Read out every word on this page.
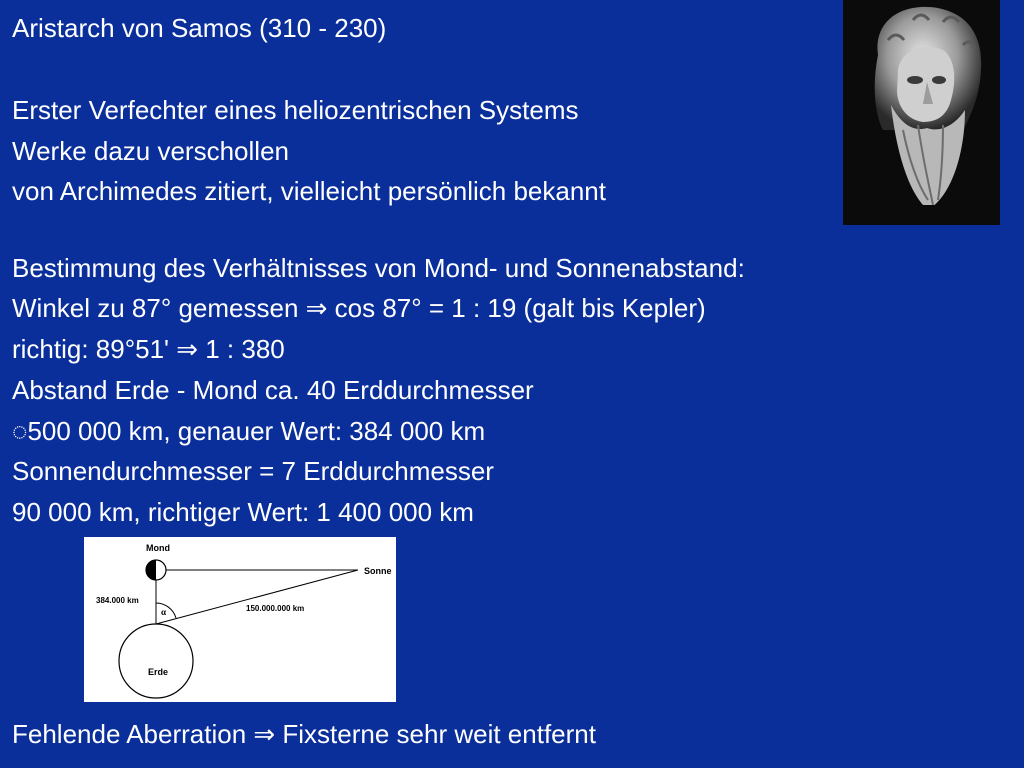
Aristarch von Samos (310 - 230)
Erster Verfechter eines heliozentrischen Systems
Werke dazu verschollen
von Archimedes zitiert, vielleicht persönlich bekannt
Bestimmung des Verhältnisses von Mond- und Sonnenabstand:
Winkel zu 87° gemessen ⇒ cos 87° = 1 : 19 (galt bis Kepler)
richtig: 89°51' ⇒ 1 : 380
Abstand Erde - Mond ca. 40 Erddurchmesser
◌500 000 km, genauer Wert: 384 000 km
Sonnendurchmesser = 7 Erddurchmesser
90 000 km, richtiger Wert: 1 400 000 km
Fehlende Aberration ⇒ Fixsterne sehr weit entfernt
Mond
Sonne
384.000 km
150.000.000 km
α
Erde
